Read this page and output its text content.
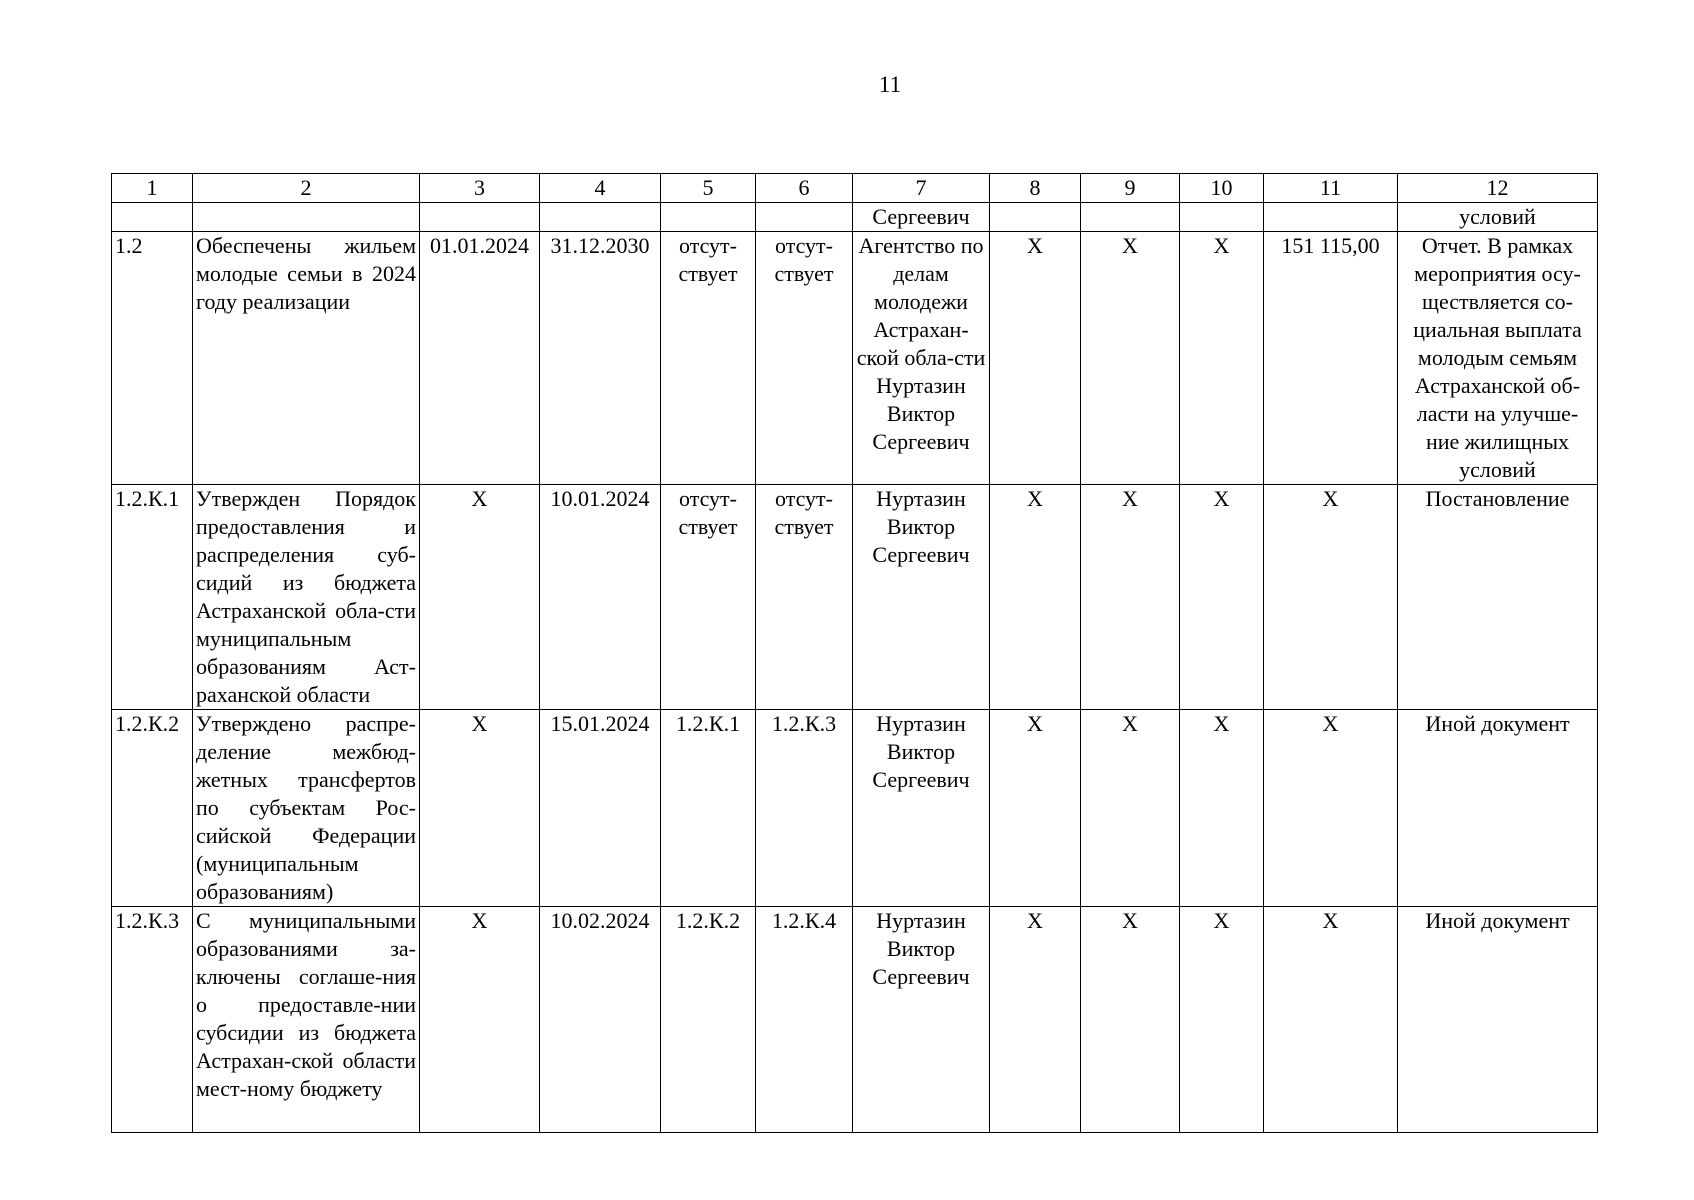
11
1	2	3	4	5	6	7	8	9	10	11	12
						Сергеевич					условий
1.2	Обеспечены жильем молодые семьи в 2024 году реализации	01.01.2024	31.12.2030	отсут-ствует	отсут-ствует	Агентство по делам молодежи Астрахан-ской обла-сти Нуртазин Виктор Сергеевич	Х	Х	Х	151 115,00	Отчет. В рамках мероприятия осу-ществляется со-циальная выплата молодым семьям Астраханской об-ласти на улучше-ние жилищных условий
1.2.К.1	Утвержден Порядок предоставления и распределения суб-сидий из бюджета Астраханской обла-сти муниципальным образованиям Аст-раханской области	Х	10.01.2024	отсут-ствует	отсут-ствует	Нуртазин Виктор Сергеевич	Х	Х	Х	Х	Постановление
1.2.К.2	Утверждено распре-деление межбюд-жетных трансфертов по субъектам Рос-сийской Федерации (муниципальным образованиям)	Х	15.01.2024	1.2.К.1	1.2.К.3	Нуртазин Виктор Сергеевич	Х	Х	Х	Х	Иной документ
1.2.К.3	С муниципальными образованиями за-ключены соглаше-ния о предоставле-нии субсидии из бюджета Астрахан-ской области мест-ному бюджету	Х	10.02.2024	1.2.К.2	1.2.К.4	Нуртазин Виктор Сергеевич	Х	Х	Х	Х	Иной документ
